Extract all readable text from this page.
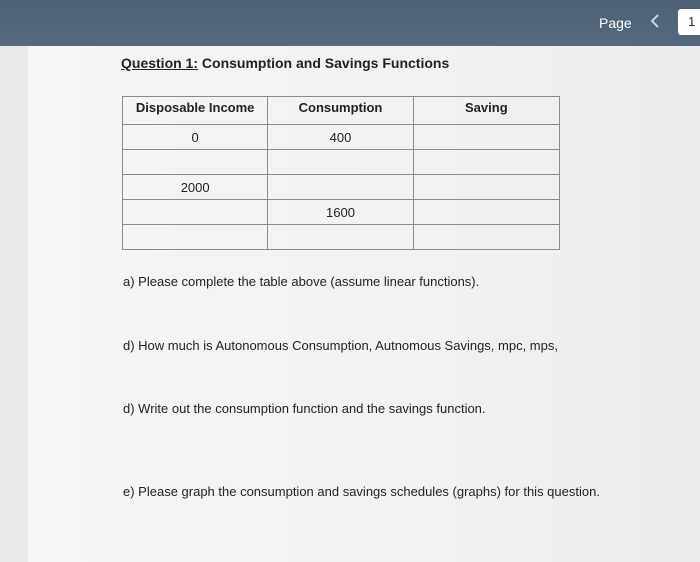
Page	1
Question 1: Consumption and Savings Functions
Disposable Income	Consumption	Saving
0	400	

2000		
	1600	

a) Please complete the table above (assume linear functions).
d) How much is Autonomous Consumption, Autnomous Savings, mpc, mps,
d) Write out the consumption function and the savings function.
e) Please graph the consumption and savings schedules (graphs) for this question.
